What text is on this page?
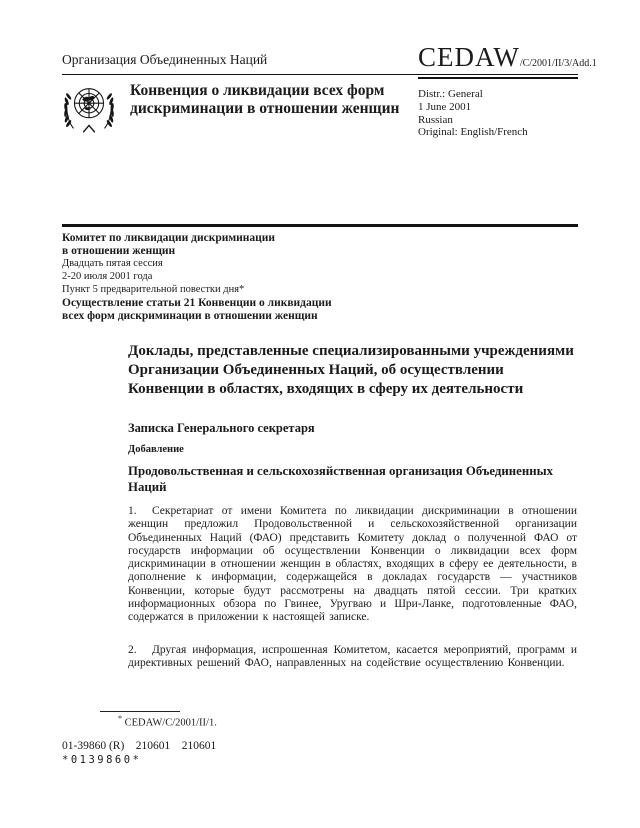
Организация Объединенных Наций	CEDAW/C/2001/II/3/Add.1
Конвенция о ликвидации всех форм дискриминации в отношении женщин
Distr.: General
1 June 2001
Russian
Original: English/French
Комитет по ликвидации дискриминации
в отношении женщин
Двадцать пятая сессия
2-20 июля 2001 года
Пункт 5 предварительной повестки дня*
Осуществление статьи 21 Конвенции о ликвидации
всех форм дискриминации в отношении женщин
Доклады, представленные специализированными учреждениями Организации Объединенных Наций, об осуществлении Конвенции в областях, входящих в сферу их деятельности
Записка Генерального секретаря
Добавление
Продовольственная и сельскохозяйственная организация Объединенных Наций
1. Секретариат от имени Комитета по ликвидации дискриминации в отношении женщин предложил Продовольственной и сельскохозяйственной организации Объединенных Наций (ФАО) представить Комитету доклад о полученной ФАО от государств информации об осуществлении Конвенции о ликвидации всех форм дискриминации в отношении женщин в областях, входящих в сферу ее деятельности, в дополнение к информации, содержащейся в докладах государств — участников Конвенции, которые будут рассмотрены на двадцать пятой сессии. Три кратких информационных обзора по Гвинее, Уругваю и Шри-Ланке, подготовленные ФАО, содержатся в приложении к настоящей записке.
2. Другая информация, испрошенная Комитетом, касается мероприятий, программ и директивных решений ФАО, направленных на содействие осуществлению Конвенции.
* CEDAW/C/2001/II/1.
01-39860 (R)    210601    210601
*0139860*
